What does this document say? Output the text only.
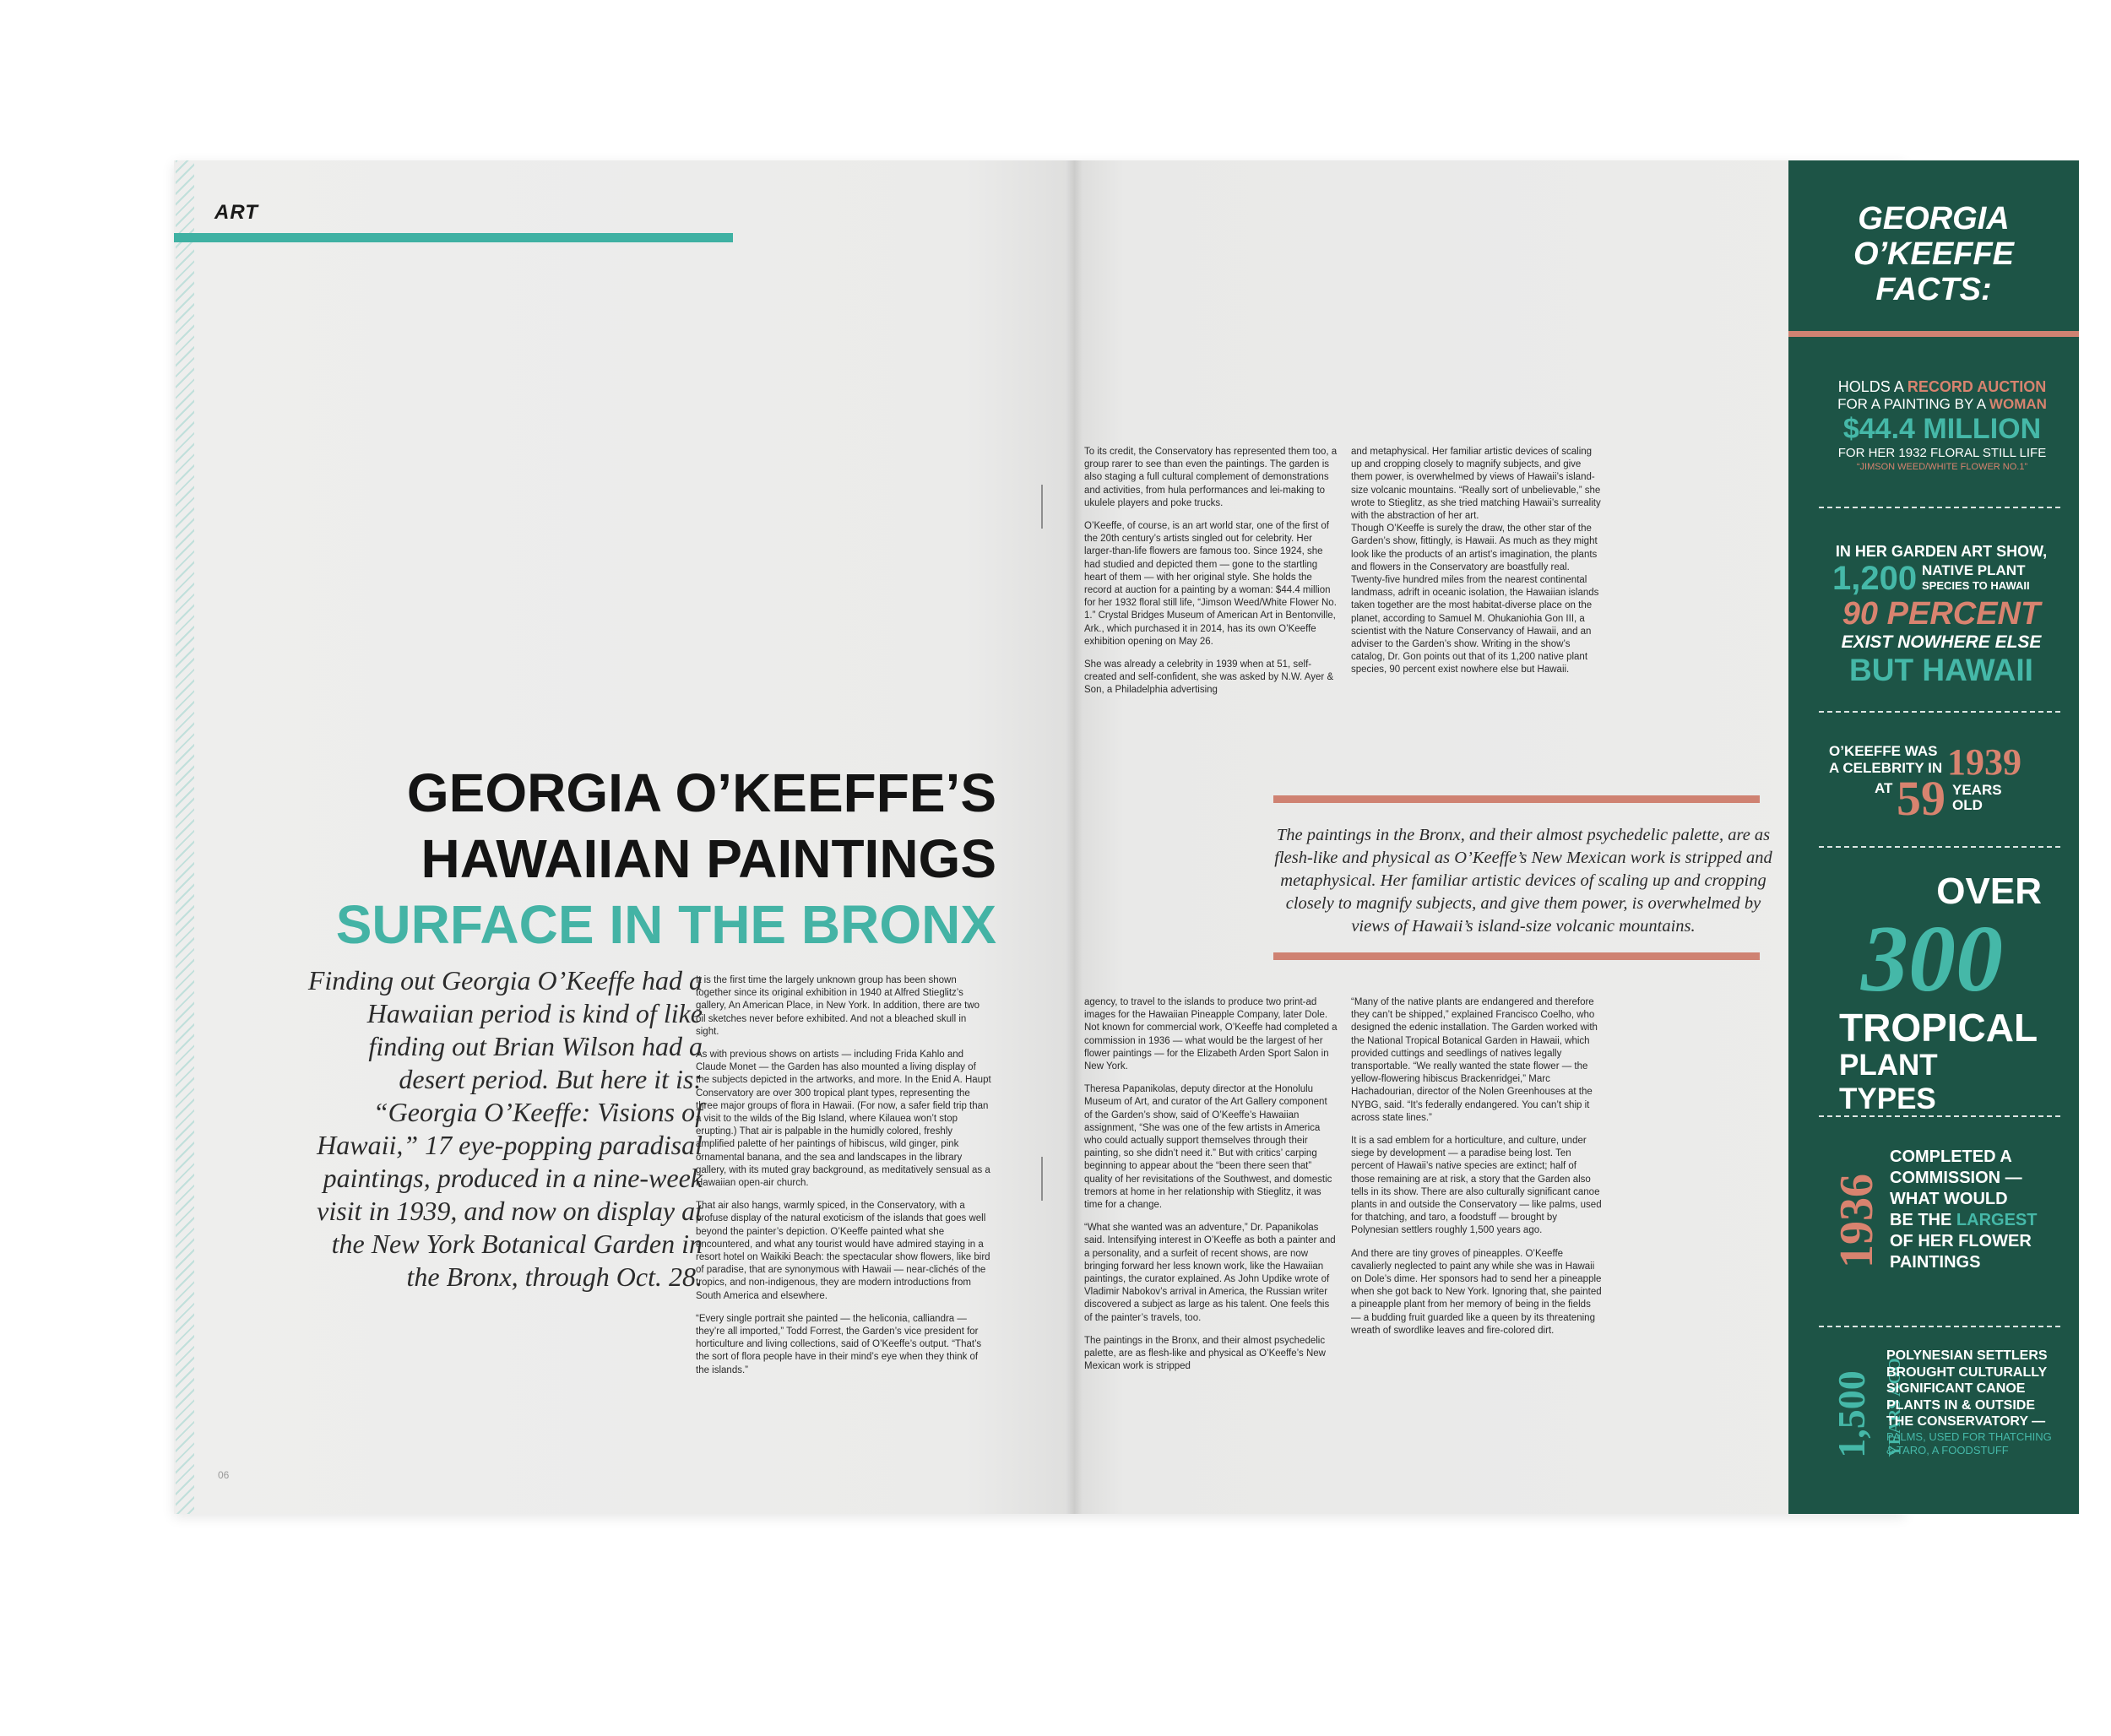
ART
GEORGIA O’KEEFFE’S
HAWAIIAN PAINTINGS
SURFACE IN THE BRONX
Finding out Georgia O’Keeffe had a Hawaiian period is kind of like finding out Brian Wilson had a desert period. But here it is: “Georgia O’Keeffe: Visions of Hawaii,” 17 eye-popping paradisal paintings, produced in a nine-week visit in 1939, and now on display at the New York Botanical Garden in the Bronx, through Oct. 28.

It is the first time the largely unknown group has been shown together since its original exhibition in 1940 at Alfred Stieglitz’s gallery, An American Place, in New York. In addition, there are two oil sketches never before exhibited. And not a bleached skull in sight.

As with previous shows on artists — including Frida Kahlo and Claude Monet — the Garden has also mounted a living display of the subjects depicted in the artworks, and more. In the Enid A. Haupt Conservatory are over 300 tropical plant types, representing the three major groups of flora in Hawaii. (For now, a safer field trip than a visit to the wilds of the Big Island, where Kilauea won’t stop erupting.) That air is palpable in the humidly colored, freshly amplified palette of her paintings of hibiscus, wild ginger, pink ornamental banana, and the sea and landscapes in the library gallery, with its muted gray background, as meditatively sensual as a Hawaiian open-air church.

That air also hangs, warmly spiced, in the Conservatory, with a profuse display of the natural exoticism of the islands that goes well beyond the painter’s depiction. O’Keeffe painted what she encountered, and what any tourist would have admired staying in a resort hotel on Waikiki Beach: the spectacular show flowers, like bird of paradise, that are synonymous with Hawaii — near-clichés of the tropics, and non-indigenous, they are modern introductions from South America and elsewhere.

“Every single portrait she painted — the heliconia, calliandra — they’re all imported,” Todd Forrest, the Garden’s vice president for horticulture and living collections, said of O’Keeffe’s output. “That’s the sort of flora people have in their mind’s eye when they think of the islands.”

06

To its credit, the Conservatory has represented them too, a group rarer to see than even the paintings. The garden is also staging a full cultural complement of demonstrations and activities, from hula performances and lei-making to ukulele players and poke trucks.

O’Keeffe, of course, is an art world star, one of the first of the 20th century’s artists singled out for celebrity. Her larger-than-life flowers are famous too. Since 1924, she had studied and depicted them — gone to the startling heart of them — with her original style. She holds the record at auction for a painting by a woman: $44.4 million for her 1932 floral still life, “Jimson Weed/White Flower No. 1.” Crystal Bridges Museum of American Art in Bentonville, Ark., which purchased it in 2014, has its own O’Keeffe exhibition opening on May 26.

She was already a celebrity in 1939 when at 51, self-created and self-confident, she was asked by N.W. Ayer & Son, a Philadelphia advertising

and metaphysical. Her familiar artistic devices of scaling up and cropping closely to magnify subjects, and give them power, is overwhelmed by views of Hawaii’s island-size volcanic mountains. “Really sort of unbelievable,” she wrote to Stieglitz, as she tried matching Hawaii’s surreality with the abstraction of her art.

Though O’Keeffe is surely the draw, the other star of the Garden’s show, fittingly, is Hawaii. As much as they might look like the products of an artist’s imagination, the plants and flowers in the Conservatory are boastfully real. Twenty-five hundred miles from the nearest continental landmass, adrift in oceanic isolation, the Hawaiian islands taken together are the most habitat-diverse place on the planet, according to Samuel M. Ohukaniohia Gon III, a scientist with the Nature Conservancy of Hawaii, and an adviser to the Garden’s show. Writing in the show’s catalog, Dr. Gon points out that of its 1,200 native plant species, 90 percent exist nowhere else but Hawaii.

The paintings in the Bronx, and their almost psychedelic palette, are as flesh-like and physical as O’Keeffe’s New Mexican work is stripped and metaphysical. Her familiar artistic devices of scaling up and cropping closely to magnify subjects, and give them power, is overwhelmed by views of Hawaii’s island-size volcanic mountains.

agency, to travel to the islands to produce two print-ad images for the Hawaiian Pineapple Company, later Dole. Not known for commercial work, O’Keeffe had completed a commission in 1936 — what would be the largest of her flower paintings — for the Elizabeth Arden Sport Salon in New York.

Theresa Papanikolas, deputy director at the Honolulu Museum of Art, and curator of the Art Gallery component of the Garden’s show, said of O’Keeffe’s Hawaiian assignment, “She was one of the few artists in America who could actually support themselves through their painting, so she didn’t need it.” But with critics’ carping beginning to appear about the “been there seen that” quality of her revisitations of the Southwest, and domestic tremors at home in her relationship with Stieglitz, it was time for a change.

“What she wanted was an adventure,” Dr. Papanikolas said. Intensifying interest in O’Keeffe as both a painter and a personality, and a surfeit of recent shows, are now bringing forward her less known work, like the Hawaiian paintings, the curator explained. As John Updike wrote of Vladimir Nabokov’s arrival in America, the Russian writer discovered a subject as large as his talent. One feels this of the painter’s travels, too.

The paintings in the Bronx, and their almost psychedelic palette, are as flesh-like and physical as O’Keeffe’s New Mexican work is stripped

“Many of the native plants are endangered and therefore they can’t be shipped,” explained Francisco Coelho, who designed the edenic installation. The Garden worked with the National Tropical Botanical Garden in Hawaii, which provided cuttings and seedlings of natives legally transportable. “We really wanted the state flower — the yellow-flowering hibiscus Brackenridgei,” Marc Hachadourian, director of the Nolen Greenhouses at the NYBG, said. “It’s federally endangered. You can’t ship it across state lines.”

It is a sad emblem for a horticulture, and culture, under siege by development — a paradise being lost. Ten percent of Hawaii’s native species are extinct; half of those remaining are at risk, a story that the Garden also tells in its show. There are also culturally significant canoe plants in and outside the Conservatory — like palms, used for thatching, and taro, a foodstuff — brought by Polynesian settlers roughly 1,500 years ago.

And there are tiny groves of pineapples. O’Keeffe cavalierly neglected to paint any while she was in Hawaii on Dole’s dime. Her sponsors had to send her a pineapple when she got back to New York. Ignoring that, she painted a pineapple plant from her memory of being in the fields — a budding fruit guarded like a queen by its threatening wreath of swordlike leaves and fire-colored dirt.

GEORGIA
O’KEEFFE
FACTS:
HOLDS A RECORD AUCTION
FOR A PAINTING BY A WOMAN
$44.4 MILLION
FOR HER 1932 FLORAL STILL LIFE
“JIMSON WEED/WHITE FLOWER NO.1”
IN HER GARDEN ART SHOW,
1,200 NATIVE PLANT
SPECIES TO HAWAII
90 PERCENT
EXIST NOWHERE ELSE
BUT HAWAII
O’KEEFFE WAS
A CELEBRITY IN 1939
AT 59 YEARS
OLD
OVER
300
TROPICAL
PLANT TYPES
1936
COMPLETED A
COMMISSION —
WHAT WOULD
BE THE LARGEST
OF HER FLOWER
PAINTINGS
1,500 YEARS AGO
POLYNESIAN SETTLERS
BROUGHT CULTURALLY
SIGNIFICANT CANOE
PLANTS IN & OUTSIDE
THE CONSERVATORY —
PALMS, USED FOR THATCHING
& TARO, A FOODSTUFF
